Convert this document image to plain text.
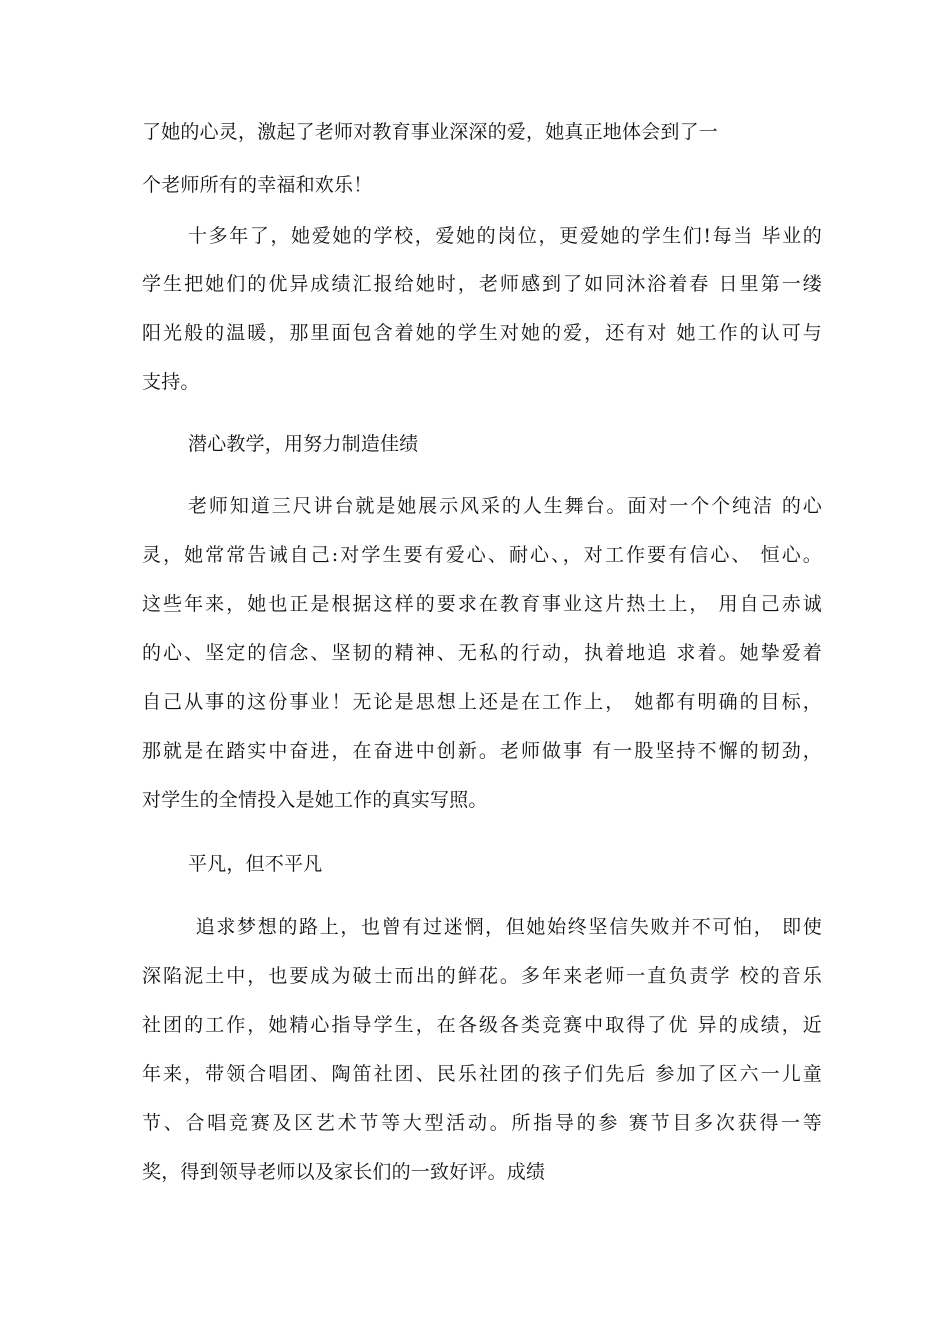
了她的心灵，激起了老师对教育事业深深的爱，她真正地体会到了一
个老师所有的幸福和欢乐！
十多年了，她爱她的学校，爱她的岗位，更爱她的学生们!每当 毕业的
学生把她们的优异成绩汇报给她时，老师感到了如同沐浴着春 日里第一缕
阳光般的温暖，那里面包含着她的学生对她的爱，还有对 她工作的认可与
支持。
潜心教学，用努力制造佳绩
老师知道三尺讲台就是她展示风采的人生舞台。面对一个个纯洁 的心
灵，她常常告诫自己:对学生要有爱心、耐心、，对工作要有信心、 恒心。
这些年来，她也正是根据这样的要求在教育事业这片热土上， 用自己赤诚
的心、坚定的信念、坚韧的精神、无私的行动，执着地追 求着。她挚爱着
自己从事的这份事业！无论是思想上还是在工作上， 她都有明确的目标，
那就是在踏实中奋进，在奋进中创新。老师做事 有一股坚持不懈的韧劲，
对学生的全情投入是她工作的真实写照。
平凡，但不平凡
追求梦想的路上，也曾有过迷惘，但她始终坚信失败并不可怕， 即使
深陷泥土中，也要成为破士而出的鲜花。多年来老师一直负责学 校的音乐
社团的工作，她精心指导学生，在各级各类竞赛中取得了优 异的成绩，近
年来，带领合唱团、陶笛社团、民乐社团的孩子们先后 参加了区六一儿童
节、合唱竞赛及区艺术节等大型活动。所指导的参 赛节目多次获得一等
奖，得到领导老师以及家长们的一致好评。成绩
